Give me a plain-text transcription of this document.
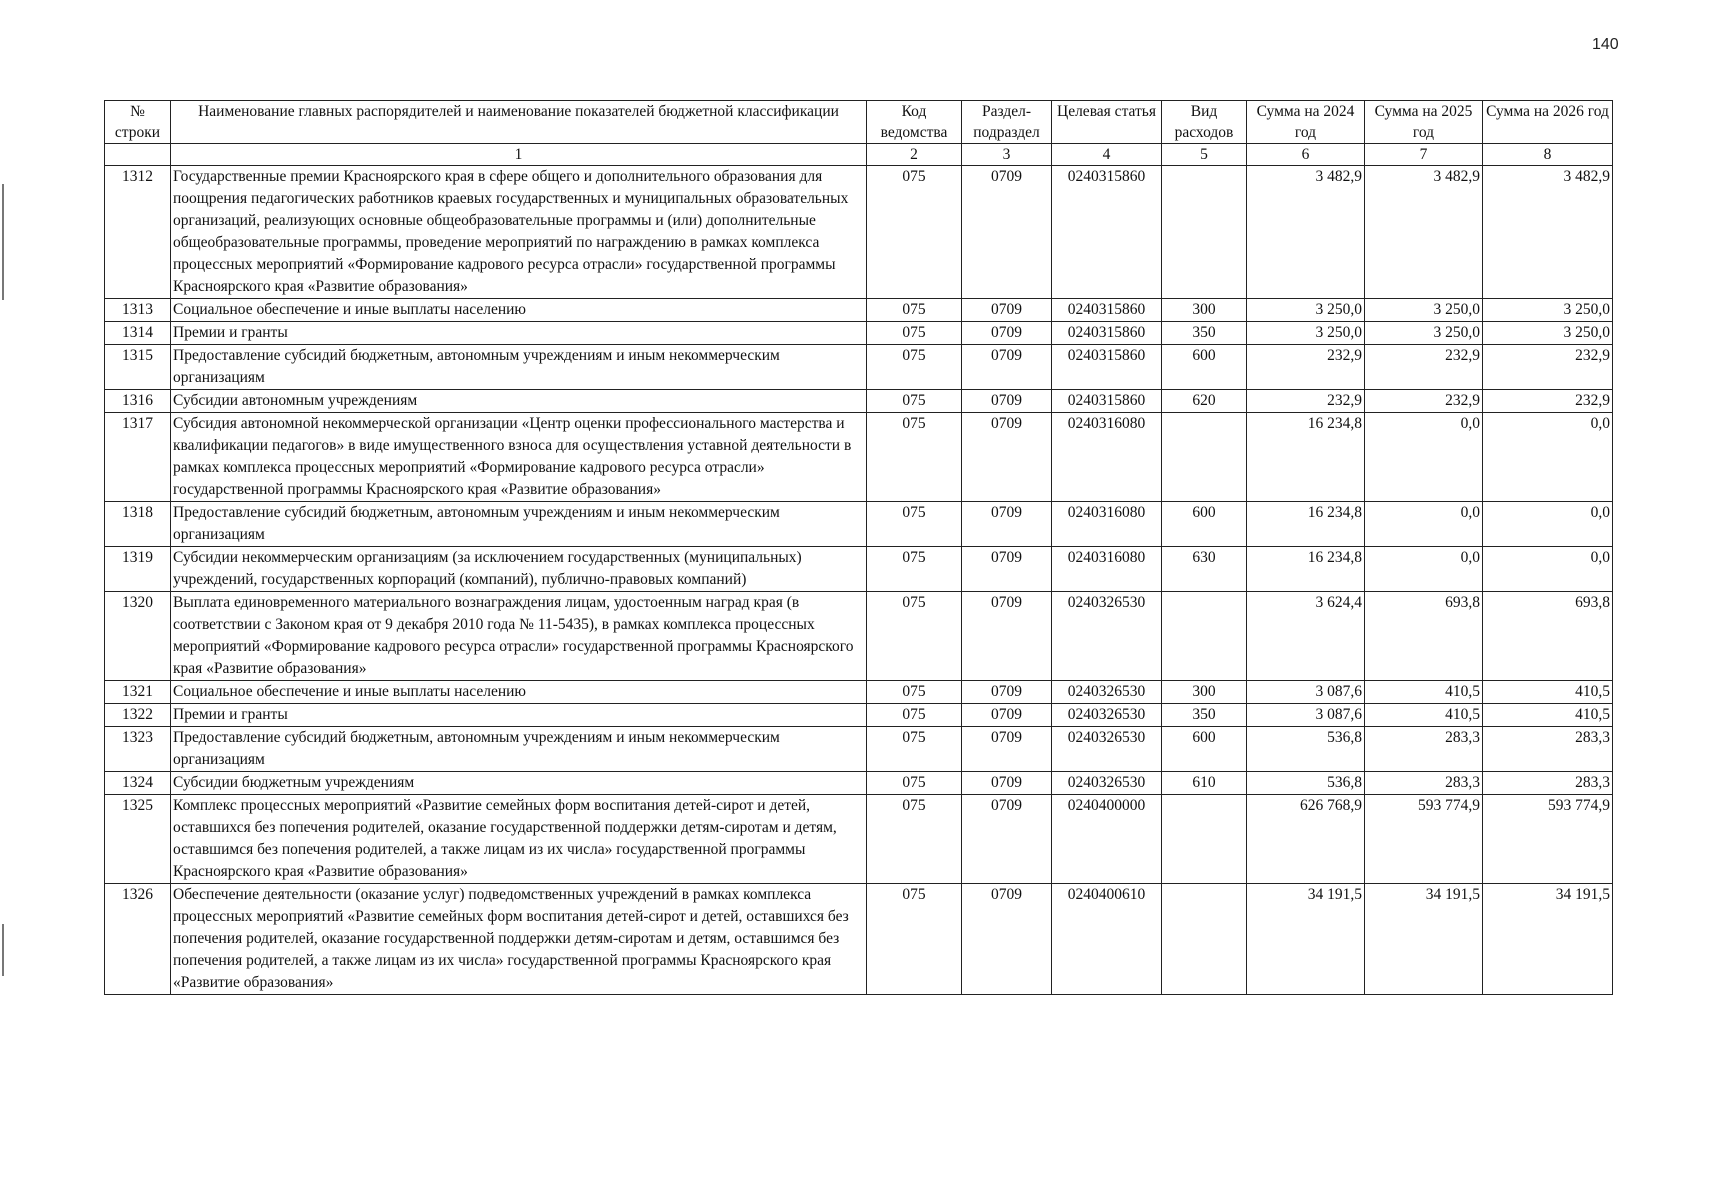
140
№ строки	Наименование главных распорядителей и наименование показателей бюджетной классификации	Код ведомства	Раздел-подраздел	Целевая статья	Вид расходов	Сумма на 2024 год	Сумма на 2025 год	Сумма на 2026 год
	1	2	3	4	5	6	7	8
1312	Государственные премии Красноярского края в сфере общего и дополнительного образования для поощрения педагогических работников краевых государственных и муниципальных образовательных организаций, реализующих основные общеобразовательные программы и (или) дополнительные общеобразовательные программы, проведение мероприятий по награждению в рамках комплекса процессных мероприятий «Формирование кадрового ресурса отрасли» государственной программы Красноярского края «Развитие образования»	075	0709	0240315860		3 482,9	3 482,9	3 482,9
1313	Социальное обеспечение и иные выплаты населению	075	0709	0240315860	300	3 250,0	3 250,0	3 250,0
1314	Премии и гранты	075	0709	0240315860	350	3 250,0	3 250,0	3 250,0
1315	Предоставление субсидий бюджетным, автономным учреждениям и иным некоммерческим организациям	075	0709	0240315860	600	232,9	232,9	232,9
1316	Субсидии автономным учреждениям	075	0709	0240315860	620	232,9	232,9	232,9
1317	Субсидия автономной некоммерческой организации «Центр оценки профессионального мастерства и квалификации педагогов» в виде имущественного взноса для осуществления уставной деятельности в рамках комплекса процессных мероприятий «Формирование кадрового ресурса отрасли» государственной программы Красноярского края «Развитие образования»	075	0709	0240316080		16 234,8	0,0	0,0
1318	Предоставление субсидий бюджетным, автономным учреждениям и иным некоммерческим организациям	075	0709	0240316080	600	16 234,8	0,0	0,0
1319	Субсидии некоммерческим организациям (за исключением государственных (муниципальных) учреждений, государственных корпораций (компаний), публично-правовых компаний)	075	0709	0240316080	630	16 234,8	0,0	0,0
1320	Выплата единовременного материального вознаграждения лицам, удостоенным наград края (в соответствии с Законом края от 9 декабря 2010 года № 11-5435), в рамках комплекса процессных мероприятий «Формирование кадрового ресурса отрасли» государственной программы Красноярского края «Развитие образования»	075	0709	0240326530		3 624,4	693,8	693,8
1321	Социальное обеспечение и иные выплаты населению	075	0709	0240326530	300	3 087,6	410,5	410,5
1322	Премии и гранты	075	0709	0240326530	350	3 087,6	410,5	410,5
1323	Предоставление субсидий бюджетным, автономным учреждениям и иным некоммерческим организациям	075	0709	0240326530	600	536,8	283,3	283,3
1324	Субсидии бюджетным учреждениям	075	0709	0240326530	610	536,8	283,3	283,3
1325	Комплекс процессных мероприятий «Развитие семейных форм воспитания детей-сирот и детей, оставшихся без попечения родителей, оказание государственной поддержки детям-сиротам и детям, оставшимся без попечения родителей, а также лицам из их числа» государственной программы Красноярского края «Развитие образования»	075	0709	0240400000		626 768,9	593 774,9	593 774,9
1326	Обеспечение деятельности (оказание услуг) подведомственных учреждений в рамках комплекса процессных мероприятий «Развитие семейных форм воспитания детей-сирот и детей, оставшихся без попечения родителей, оказание государственной поддержки детям-сиротам и детям, оставшимся без попечения родителей, а также лицам из их числа» государственной программы Красноярского края «Развитие образования»	075	0709	0240400610		34 191,5	34 191,5	34 191,5
